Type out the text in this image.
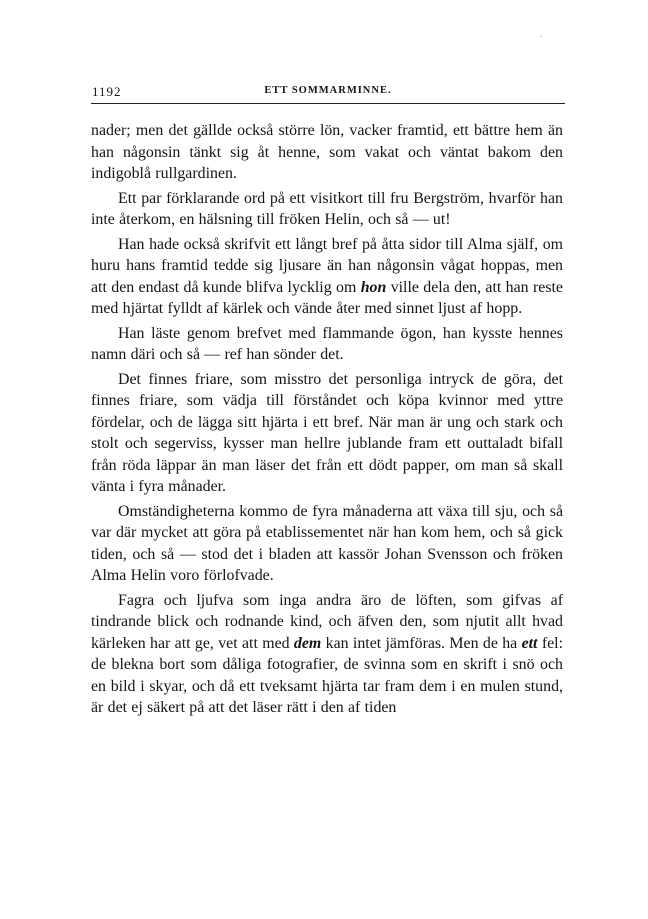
1192	ETT SOMMARMINNE.

nader; men det gällde också större lön, vacker framtid, ett bättre hem än han någonsin tänkt sig åt henne, som vakat och väntat bakom den indigoblå rullgardinen.

Ett par förklarande ord på ett visitkort till fru Bergström, hvarför han inte återkom, en hälsning till fröken Helin, och så — ut!

Han hade också skrifvit ett långt bref på åtta sidor till Alma själf, om huru hans framtid tedde sig ljusare än han någonsin vågat hoppas, men att den endast då kunde blifva lycklig om hon ville dela den, att han reste med hjärtat fylldt af kärlek och vände åter med sinnet ljust af hopp.

Han läste genom brefvet med flammande ögon, han kysste hennes namn däri och så — ref han sönder det.

Det finnes friare, som misstro det personliga intryck de göra, det finnes friare, som vädja till förståndet och köpa kvinnor med yttre fördelar, och de lägga sitt hjärta i ett bref. När man är ung och stark och stolt och segerviss, kysser man hellre jublande fram ett outtaladt bifall från röda läppar än man läser det från ett dödt papper, om man så skall vänta i fyra månader.

Omständigheterna kommo de fyra månaderna att växa till sju, och så var där mycket att göra på etablissementet när han kom hem, och så gick tiden, och så — stod det i bladen att kassör Johan Svensson och fröken Alma Helin voro förlofvade.

Fagra och ljufva som inga andra äro de löften, som gifvas af tindrande blick och rodnande kind, och äfven den, som njutit allt hvad kärleken har att ge, vet att med dem kan intet jämföras. Men de ha ett fel: de blekna bort som dåliga fotografier, de svinna som en skrift i snö och en bild i skyar, och då ett tveksamt hjärta tar fram dem i en mulen stund, är det ej säkert på att det läser rätt i den af tiden
